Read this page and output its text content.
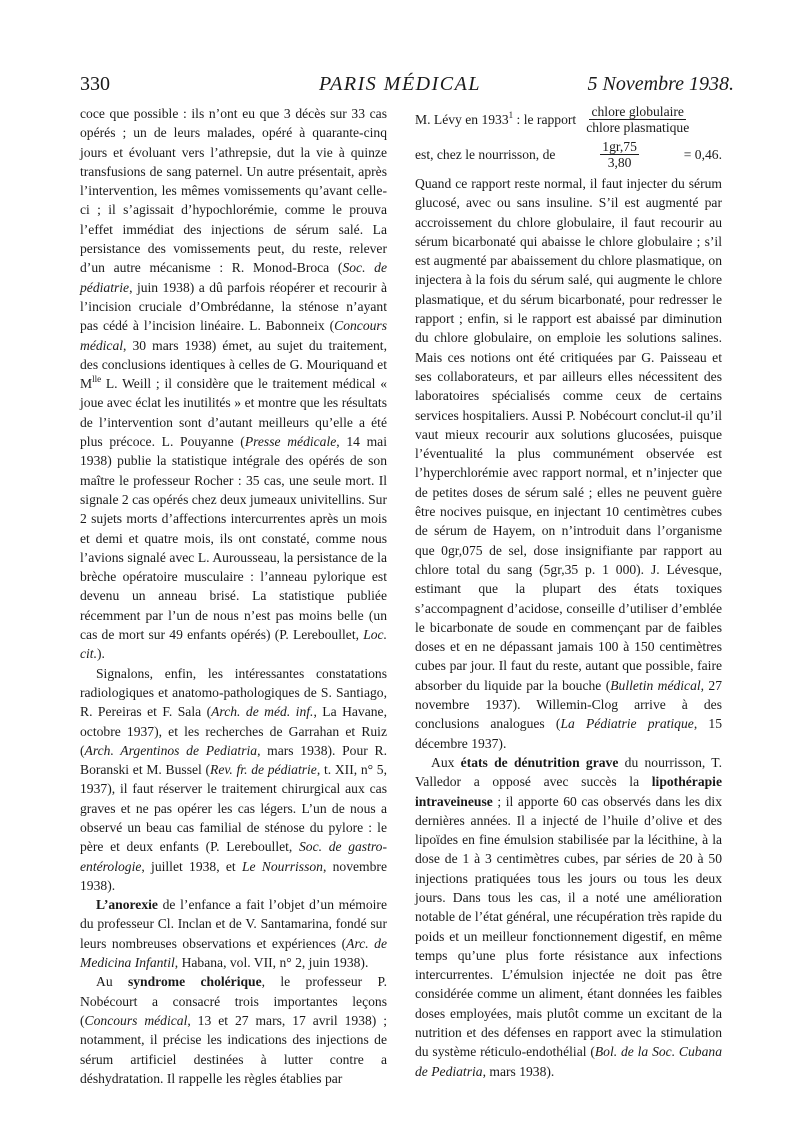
330	PARIS MÉDICAL	5 Novembre 1938.

coce que possible : ils n’ont eu que 3 décès sur 33 cas opérés ; un de leurs malades, opéré à quarante-cinq jours et évoluant vers l’athrepsie, dut la vie à quinze transfusions de sang paternel. Un autre présentait, après l’intervention, les mêmes vomissements qu’avant celle-ci ; il s’agissait d’hypochlorémie, comme le prouva l’effet immédiat des injections de sérum salé. La persistance des vomissements peut, du reste, relever d’un autre mécanisme : R. Monod-Broca (Soc. de pédiatrie, juin 1938) a dû parfois réopérer et recourir à l’incision cruciale d’Ombrédanne, la sténose n’ayant pas cédé à l’incision linéaire. L. Babonneix (Concours médical, 30 mars 1938) émet, au sujet du traitement, des conclusions identiques à celles de G. Mouriquand et $M^{lle}$ L. Weill ; il considère que le traitement médical « joue avec éclat les inutilités » et montre que les résultats de l’intervention sont d’autant meilleurs qu’elle a été plus précoce. L. Pouyanne (Presse médicale, 14 mai 1938) publie la statistique intégrale des opérés de son maître le professeur Rocher : 35 cas, une seule mort. Il signale 2 cas opérés chez deux jumeaux univitellins. Sur 2 sujets morts d’affections intercurrentes après un mois et demi et quatre mois, ils ont constaté, comme nous l’avions signalé avec L. Aurousseau, la persistance de la brèche opératoire musculaire : l’anneau pylorique est devenu un anneau brisé. La statistique publiée récemment par l’un de nous n’est pas moins belle (un cas de mort sur 49 enfants opérés) (P. Lereboullet, Loc. cit.).

Signalons, enfin, les intéressantes constatations radiologiques et anatomo-pathologiques de S. Santiago, R. Pereiras et F. Sala (Arch. de méd. inf., La Havane, octobre 1937), et les recherches de Garrahan et Ruiz (Arch. Argentinos de Pediatria, mars 1938). Pour R. Boranski et M. Bussel (Rev. fr. de pédiatrie, t. XII, n° 5, 1937), il faut réserver le traitement chirurgical aux cas graves et ne pas opérer les cas légers. L’un de nous a observé un beau cas familial de sténose du pylore : le père et deux enfants (P. Lereboullet, Soc. de gastro-entérologie, juillet 1938, et Le Nourrisson, novembre 1938).

L’anorexie de l’enfance a fait l’objet d’un mémoire du professeur Cl. Inclan et de V. Santamarina, fondé sur leurs nombreuses observations et expériences (Arc. de Medicina Infantil, Habana, vol. VII, n° 2, juin 1938).

Au syndrome cholérique, le professeur P. Nobécourt a consacré trois importantes leçons (Concours médical, 13 et 27 mars, 17 avril 1938) ; notamment, il précise les indications des injections de sérum artificiel destinées à lutter contre a déshydratation. Il rappelle les règles établies par

M. Lévy en 1933$^1$ : le rapport $\frac{\text{chlore globulaire}}{\text{chlore plasmatique}}$
est, chez le nourrisson, de	$\frac{1gr,75}{3,80}$	= 0,46.

Quand ce rapport reste normal, il faut injecter du sérum glucosé, avec ou sans insuline. S’il est augmenté par accroissement du chlore globulaire, il faut recourir au sérum bicarbonaté qui abaisse le chlore globulaire ; s’il est augmenté par abaissement du chlore plasmatique, on injectera à la fois du sérum salé, qui augmente le chlore plasmatique, et du sérum bicarbonaté, pour redresser le rapport ; enfin, si le rapport est abaissé par diminution du chlore globulaire, on emploie les solutions salines. Mais ces notions ont été critiquées par G. Paisseau et ses collaborateurs, et par ailleurs elles nécessitent des laboratoires spécialisés comme ceux de certains services hospitaliers. Aussi P. Nobécourt conclut-il qu’il vaut mieux recourir aux solutions glucosées, puisque l’éventualité la plus communément observée est l’hyperchlorémie avec rapport normal, et n’injecter que de petites doses de sérum salé ; elles ne peuvent guère être nocives puisque, en injectant 10 centimètres cubes de sérum de Hayem, on n’introduit dans l’organisme que 0gr,075 de sel, dose insignifiante par rapport au chlore total du sang (5gr,35 p. 1 000). J. Lévesque, estimant que la plupart des états toxiques s’accompagnent d’acidose, conseille d’utiliser d’emblée le bicarbonate de soude en commençant par de faibles doses et en ne dépassant jamais 100 à 150 centimètres cubes par jour. Il faut du reste, autant que possible, faire absorber du liquide par la bouche (Bulletin médical, 27 novembre 1937). Willemin-Clog arrive à des conclusions analogues (La Pédiatrie pratique, 15 décembre 1937).

Aux états de dénutrition grave du nourrisson, T. Valledor a opposé avec succès la lipothérapie intraveineuse ; il apporte 60 cas observés dans les dix dernières années. Il a injecté de l’huile d’olive et des lipoïdes en fine émulsion stabilisée par la lécithine, à la dose de 1 à 3 centimètres cubes, par séries de 20 à 50 injections pratiquées tous les jours ou tous les deux jours. Dans tous les cas, il a noté une amélioration notable de l’état général, une récupération très rapide du poids et un meilleur fonctionnement digestif, en même temps qu’une plus forte résistance aux infections intercurrentes. L’émulsion injectée ne doit pas être considérée comme un aliment, étant données les faibles doses employées, mais plutôt comme un excitant de la nutrition et des défenses en rapport avec la stimulation du système réticulo-endothélial (Bol. de la Soc. Cubana de Pediatria, mars 1938).
